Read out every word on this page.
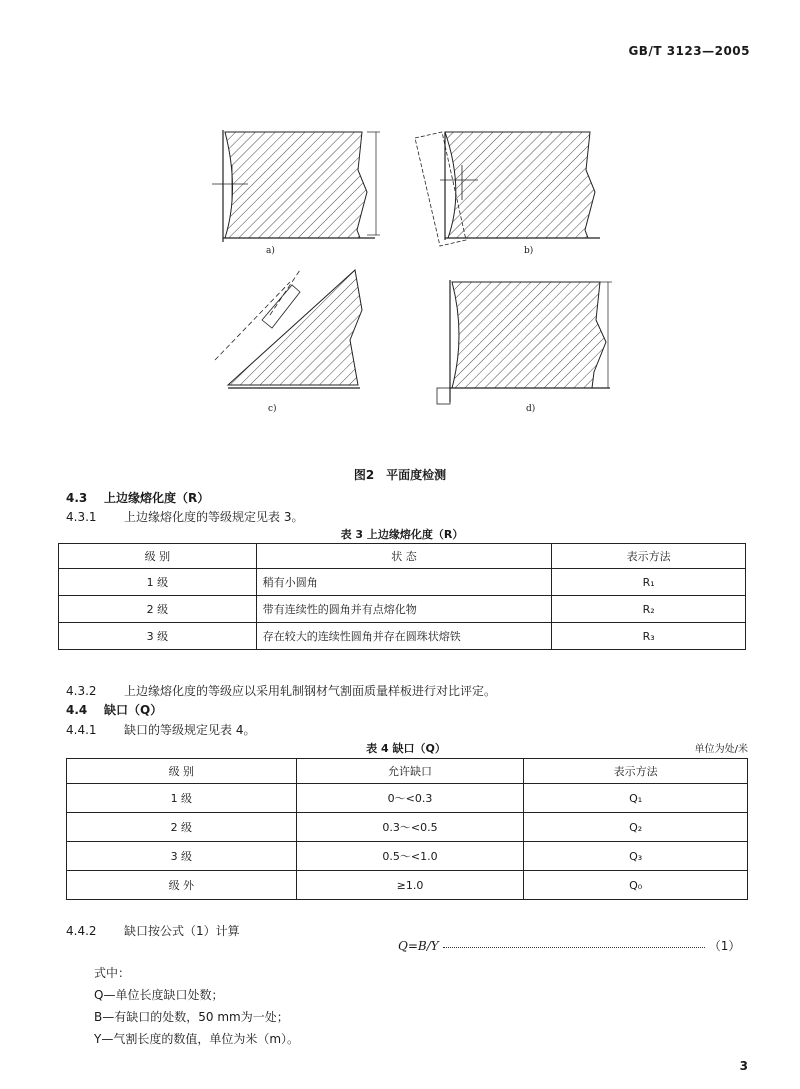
GB/T 3123—2005
a)	b)
c)	d)
图2 平面度检测
4.3 上边缘熔化度（R）
4.3.1 上边缘熔化度的等级规定见表 3。
表 3 上边缘熔化度（R）
级 别	状 态	表示方法
1 级	稍有小圆角	R₁
2 级	带有连续性的圆角并有点熔化物	R₂
3 级	存在较大的连续性圆角并存在圆珠状熔铁	R₃
4.3.2 上边缘熔化度的等级应以采用轧制钢材气割面质量样板进行对比评定。
4.4 缺口（Q）
4.4.1 缺口的等级规定见表 4。
表 4 缺口（Q）	单位为处/米
级 别	允许缺口	表示方法
1 级	0～<0.3	Q₁
2 级	0.3～<0.5	Q₂
3 级	0.5～<1.0	Q₃
级 外	≥1.0	Q₀
4.4.2 缺口按公式（1）计算
Q=B/Y	（1）
式中：
Q—单位长度缺口处数；
B—有缺口的处数，50 mm为一处；
Y—气割长度的数值，单位为米（m）。
3
